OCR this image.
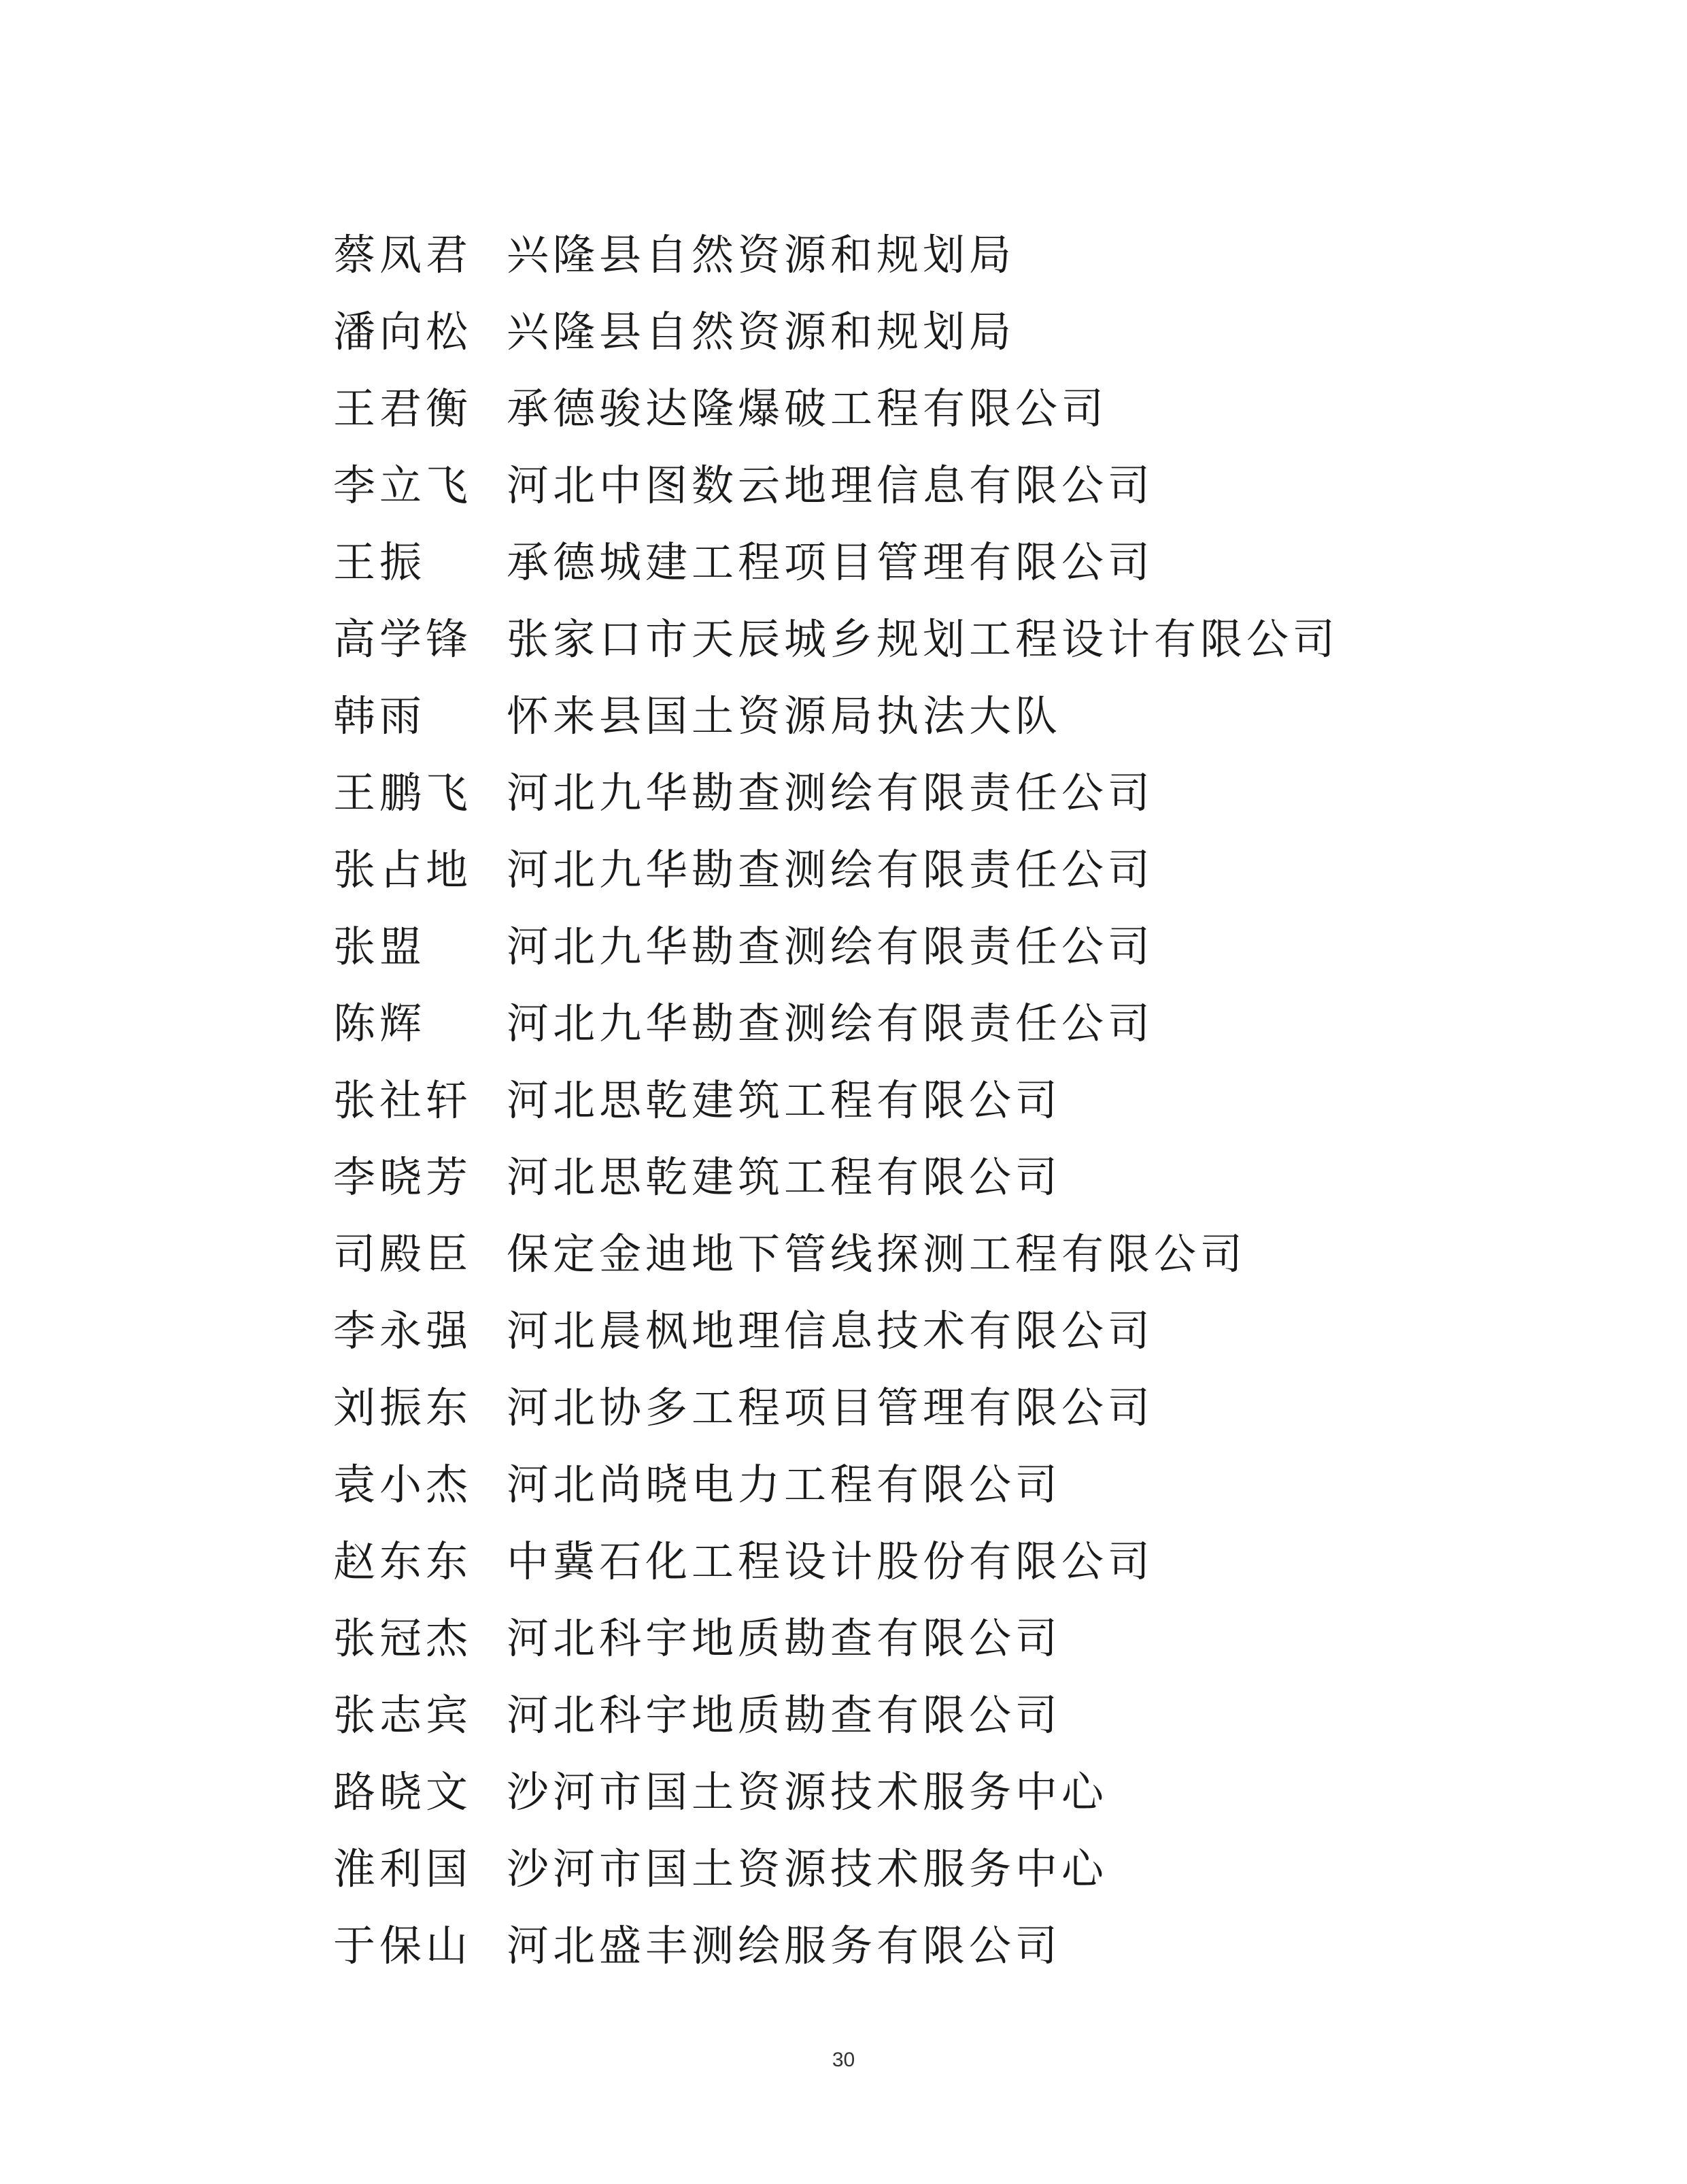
蔡凤君 兴隆县自然资源和规划局
潘向松 兴隆县自然资源和规划局
王君衡 承德骏达隆爆破工程有限公司
李立飞 河北中图数云地理信息有限公司
王振	承德城建工程项目管理有限公司
高学锋 张家口市天辰城乡规划工程设计有限公司
韩雨	怀来县国土资源局执法大队
王鹏飞 河北九华勘查测绘有限责任公司
张占地 河北九华勘查测绘有限责任公司
张盟	河北九华勘查测绘有限责任公司
陈辉	河北九华勘查测绘有限责任公司
张社轩 河北思乾建筑工程有限公司
李晓芳 河北思乾建筑工程有限公司
司殿臣 保定金迪地下管线探测工程有限公司
李永强 河北晨枫地理信息技术有限公司
刘振东 河北协多工程项目管理有限公司
袁小杰 河北尚晓电力工程有限公司
赵东东 中冀石化工程设计股份有限公司
张冠杰 河北科宇地质勘查有限公司
张志宾 河北科宇地质勘查有限公司
路晓文 沙河市国土资源技术服务中心
淮利国 沙河市国土资源技术服务中心
于保山 河北盛丰测绘服务有限公司
30
